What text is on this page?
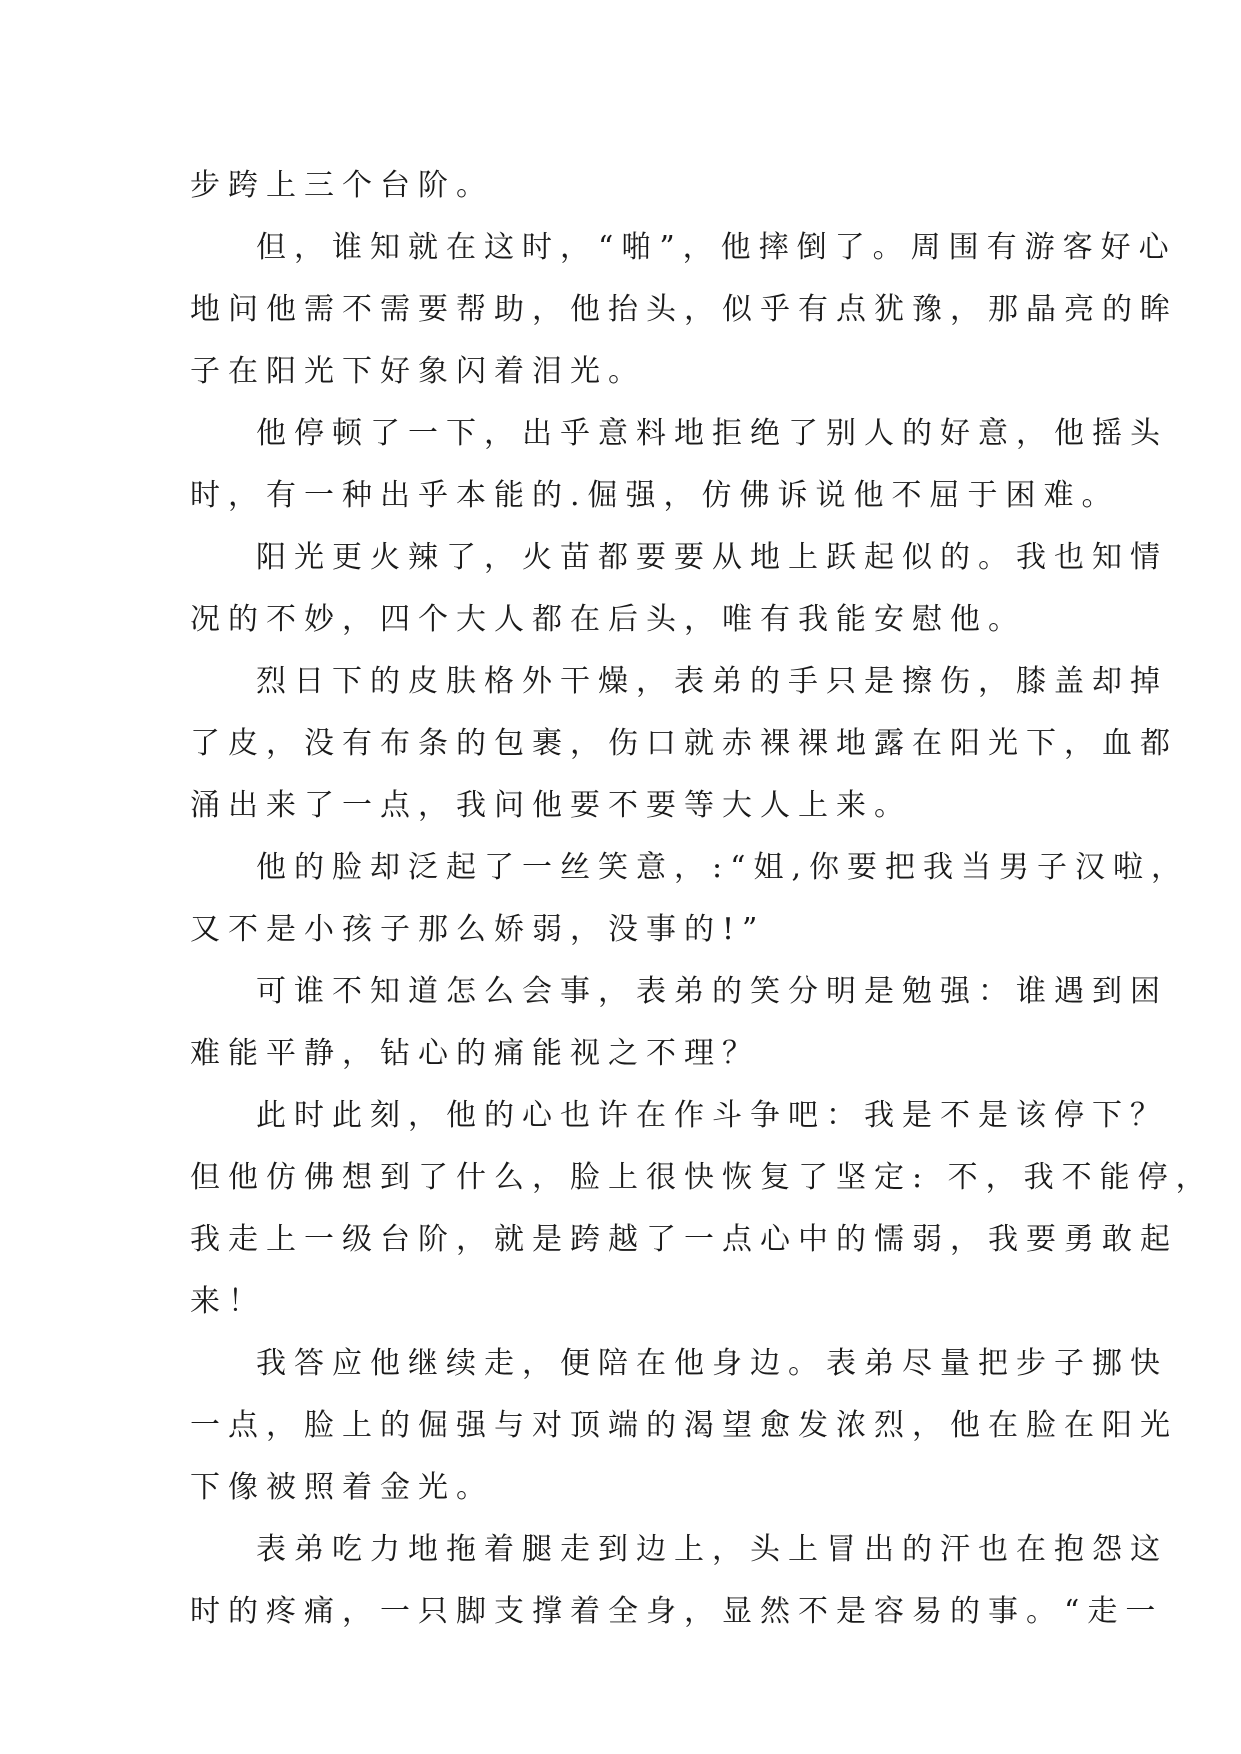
步跨上三个台阶。
但，谁知就在这时，“啪”，他摔倒了。周围有游客好心
地问他需不需要帮助，他抬头，似乎有点犹豫，那晶亮的眸
子在阳光下好象闪着泪光。
他停顿了一下，出乎意料地拒绝了别人的好意，他摇头
时，有一种出乎本能的.倔强，仿佛诉说他不屈于困难。
阳光更火辣了，火苗都要要从地上跃起似的。我也知情
况的不妙，四个大人都在后头，唯有我能安慰他。
烈日下的皮肤格外干燥，表弟的手只是擦伤，膝盖却掉
了皮，没有布条的包裹，伤口就赤裸裸地露在阳光下，血都
涌出来了一点，我问他要不要等大人上来。
他的脸却泛起了一丝笑意，:“姐,你要把我当男子汉啦，
又不是小孩子那么娇弱，没事的!”
可谁不知道怎么会事，表弟的笑分明是勉强：谁遇到困
难能平静，钻心的痛能视之不理？
此时此刻，他的心也许在作斗争吧：我是不是该停下？
但他仿佛想到了什么，脸上很快恢复了坚定: 不，我不能停，
我走上一级台阶，就是跨越了一点心中的懦弱，我要勇敢起
来！
我答应他继续走，便陪在他身边。表弟尽量把步子挪快
一点，脸上的倔强与对顶端的渴望愈发浓烈，他在脸在阳光
下像被照着金光。
表弟吃力地拖着腿走到边上，头上冒出的汗也在抱怨这
时的疼痛，一只脚支撑着全身，显然不是容易的事。“走一
